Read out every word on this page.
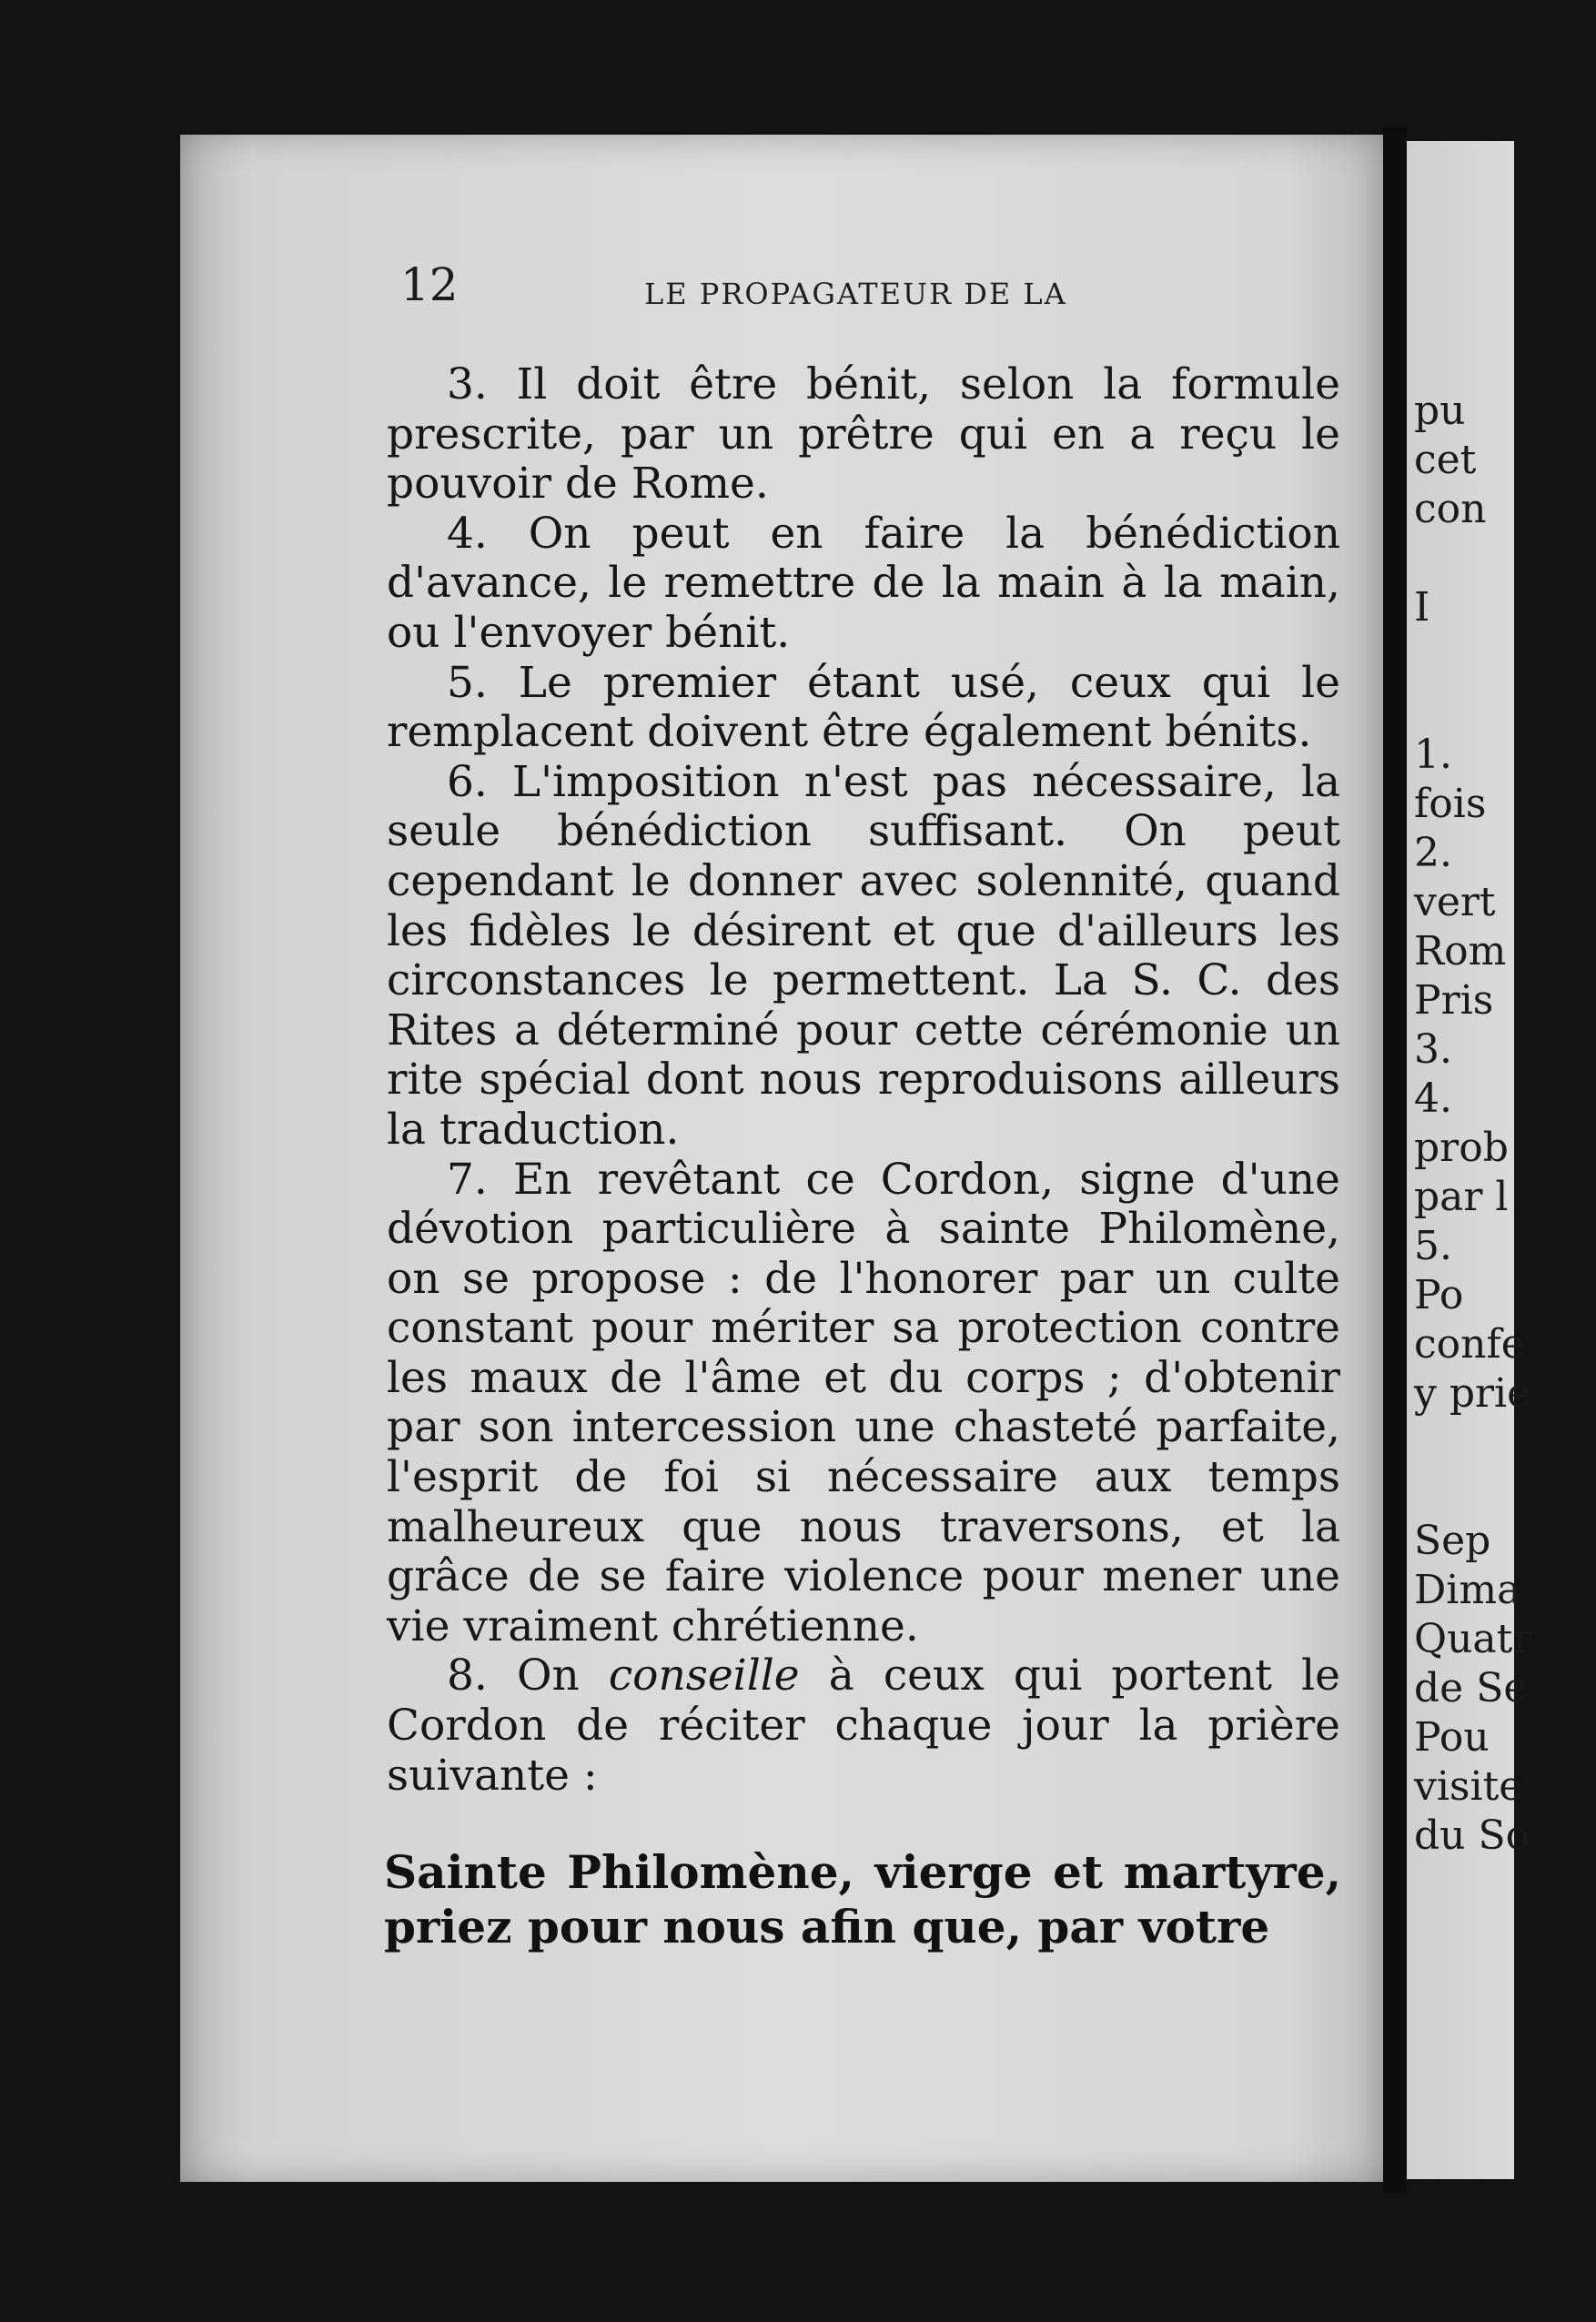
pu
cet
con
I
1.
fois
2.
vert
Rom
Pris
3.
4.
prob
par l
5.
Po
confe
y prie
Sep
Dima
Quatr
de Se
Pou
visite
du So
12	LE PROPAGATEUR DE LA

3. Il doit être bénit, selon la formule prescrite, par un prêtre qui en a reçu le pouvoir de Rome.

4. On peut en faire la bénédiction d'avance, le remettre de la main à la main, ou l'envoyer bénit.

5. Le premier étant usé, ceux qui le remplacent doivent être également bénits.

6. L'imposition n'est pas nécessaire, la seule bénédiction suffisant. On peut cependant le donner avec solennité, quand les fidèles le désirent et que d'ailleurs les circonstances le permettent. La S. C. des Rites a déterminé pour cette cérémonie un rite spécial dont nous reproduisons ailleurs la traduction.

7. En revêtant ce Cordon, signe d'une dévotion particulière à sainte Philomène, on se propose : de l'honorer par un culte constant pour mériter sa protection contre les maux de l'âme et du corps ; d'obtenir par son intercession une chasteté parfaite, l'esprit de foi si nécessaire aux temps malheureux que nous traversons, et la grâce de se faire violence pour mener une vie vraiment chrétienne.

8. On conseille à ceux qui portent le Cordon de réciter chaque jour la prière suivante :

Sainte Philomène, vierge et martyre, priez pour nous afin que, par votre
